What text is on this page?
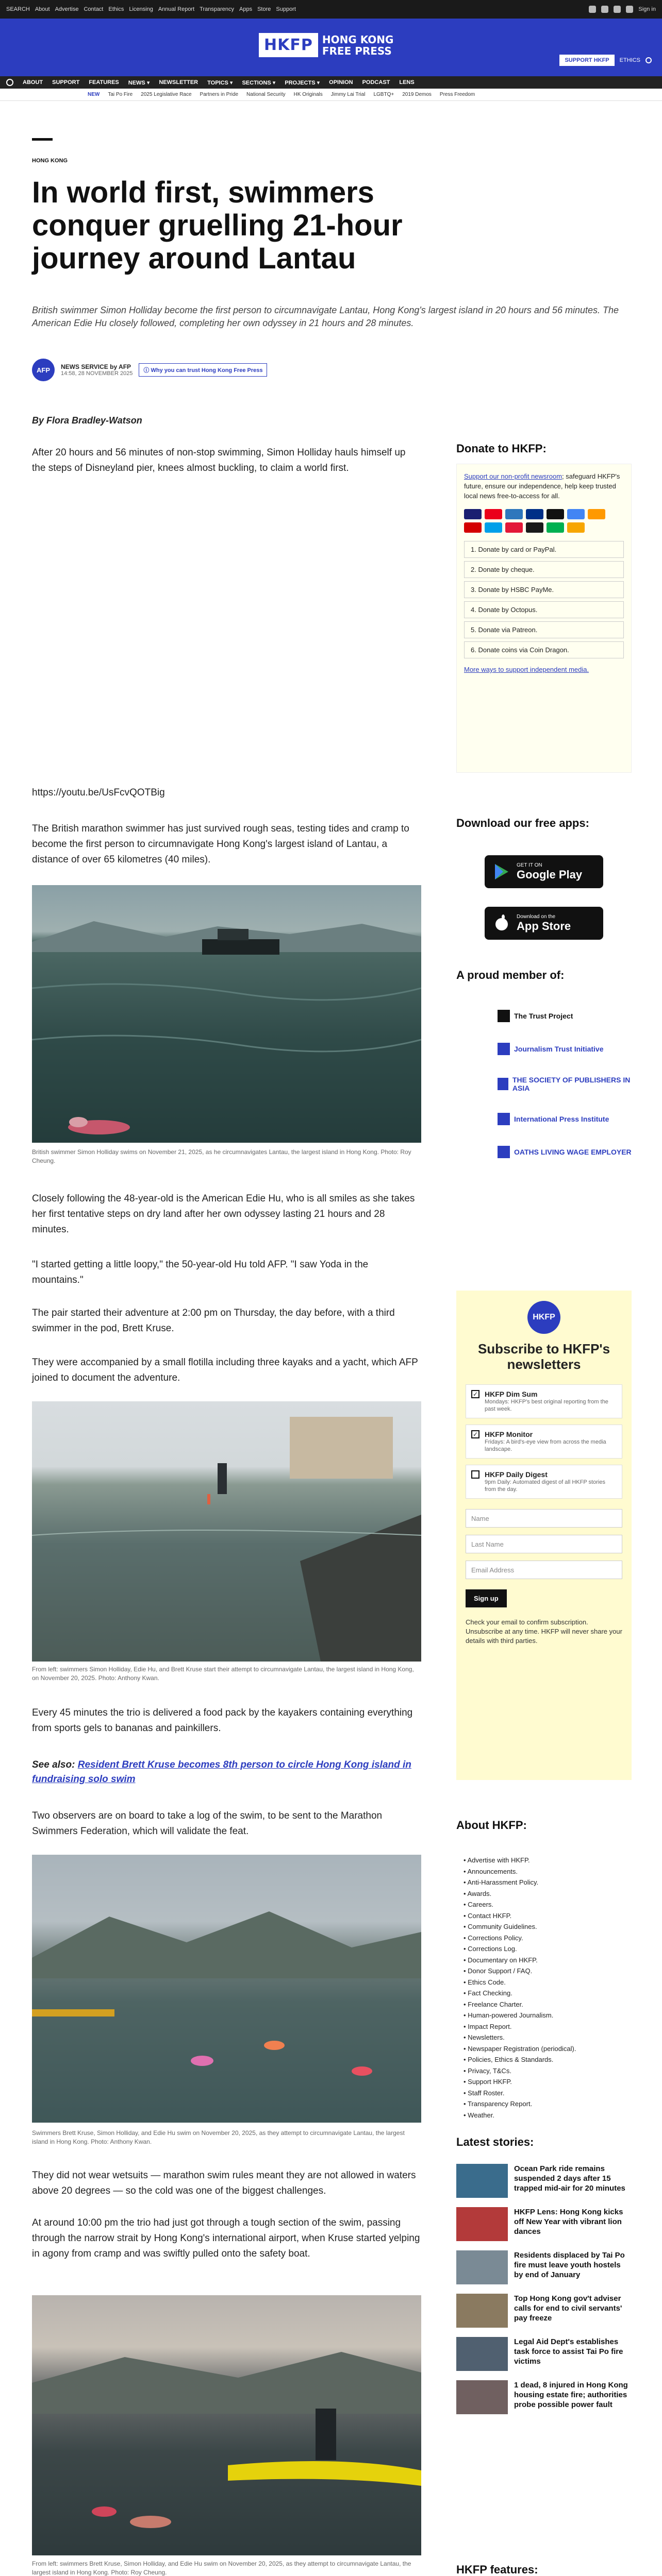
SEARCH About Advertise Contact Ethics Licensing Annual Report Transparency Apps Store Support	Sign in
HKFP HONG KONG
FREE PRESS
SUPPORT HKFP	ETHICS
ABOUT SUPPORT FEATURES NEWS ▾ NEWSLETTER TOPICS ▾ SECTIONS ▾ PROJECTS ▾ OPINION PODCAST LENS
NEW Tai Po Fire 2025 Legislative Race Partners in Pride National Security HK Originals Jimmy Lai Trial LGBTQ+ 2019 Demos Press Freedom
HONG KONG
In world first, swimmers conquer gruelling 21-hour journey around Lantau
British swimmer Simon Holliday become the first person to circumnavigate Lantau, Hong Kong's largest island in 20 hours and 56 minutes. The American Edie Hu closely followed, completing her own odyssey in 21 hours and 28 minutes.
AFP	NEWS SERVICE by AFP
14:58, 28 NOVEMBER 2025	ⓘ Why you can trust Hong Kong Free Press
By Flora Bradley-Watson

After 20 hours and 56 minutes of non-stop swimming, Simon Holliday hauls himself up the steps of Disneyland pier, knees almost buckling, to claim a world first.

https://youtu.be/UsFcvQOTBig

The British marathon swimmer has just survived rough seas, testing tides and cramp to become the first person to circumnavigate Hong Kong's largest island of Lantau, a distance of over 65 kilometres (40 miles).

British swimmer Simon Holliday swims on November 21, 2025, as he circumnavigates Lantau, the largest island in Hong Kong. Photo: Roy Cheung.

Closely following the 48-year-old is the American Edie Hu, who is all smiles as she takes her first tentative steps on dry land after her own odyssey lasting 21 hours and 28 minutes.

"I started getting a little loopy," the 50-year-old Hu told AFP. "I saw Yoda in the mountains."

The pair started their adventure at 2:00 pm on Thursday, the day before, with a third swimmer in the pod, Brett Kruse.

They were accompanied by a small flotilla including three kayaks and a yacht, which AFP joined to document the adventure.

From left: swimmers Simon Holliday, Edie Hu, and Brett Kruse start their attempt to circumnavigate Lantau, the largest island in Hong Kong, on November 20, 2025. Photo: Anthony Kwan.

Every 45 minutes the trio is delivered a food pack by the kayakers containing everything from sports gels to bananas and painkillers.

See also: Resident Brett Kruse becomes 8th person to circle Hong Kong island in fundraising solo swim

Two observers are on board to take a log of the swim, to be sent to the Marathon Swimmers Federation, which will validate the feat.

Swimmers Brett Kruse, Simon Holliday, and Edie Hu swim on November 20, 2025, as they attempt to circumnavigate Lantau, the largest island in Hong Kong. Photo: Anthony Kwan.

They did not wear wetsuits — marathon swim rules meant they are not allowed in waters above 20 degrees — so the cold was one of the biggest challenges.

At around 10:00 pm the trio had just got through a tough section of the swim, passing through the narrow strait by Hong Kong's international airport, when Kruse started yelping in agony from cramp and was swiftly pulled onto the safety boat.

From left: swimmers Brett Kruse, Simon Holliday, and Edie Hu swim on November 20, 2025, as they attempt to circumnavigate Lantau, the largest island in Hong Kong. Photo: Roy Cheung.

Donate to HKFP:
Support our non-profit newsroom; safeguard HKFP's future, ensure our independence, help keep trusted local news free-to-access for all.
1. Donate by card or PayPal.
2. Donate by cheque.
3. Donate by HSBC PayMe.
4. Donate by Octopus.
5. Donate via Patreon.
6. Donate coins via Coin Dragon.
More ways to support independent media.
Download our free apps:
GET IT ON
Google Play
Download on the
App Store
A proud member of:
The Trust Project
Journalism Trust Initiative
THE SOCIETY OF PUBLISHERS IN ASIA
International Press Institute
OATHS LIVING WAGE EMPLOYER
HKFP
Subscribe to HKFP's newsletters
✓ HKFP Dim Sum
Mondays: HKFP's best original reporting from the past week.
✓ HKFP Monitor
Fridays: A bird's-eye view from across the media landscape.
HKFP Daily Digest
9pm Daily: Automated digest of all HKFP stories from the day.
Name
Last Name
Email Address
Sign up
Check your email to confirm subscription. Unsubscribe at any time. HKFP will never share your details with third parties.
About HKFP:
• Advertise with HKFP.
• Announcements.
• Anti-Harassment Policy.
• Awards.
• Careers.
• Contact HKFP.
• Community Guidelines.
• Corrections Policy.
• Corrections Log.
• Documentary on HKFP.
• Donor Support / FAQ.
• Ethics Code.
• Fact Checking.
• Freelance Charter.
• Human-powered Journalism.
• Impact Report.
• Newsletters.
• Newspaper Registration (periodical).
• Policies, Ethics & Standards.
• Privacy, T&Cs.
• Support HKFP.
• Staff Roster.
• Transparency Report.
• Weather.
Latest stories:
Ocean Park ride remains suspended 2 days after 15 trapped mid-air for 20 minutes
HKFP Lens: Hong Kong kicks off New Year with vibrant lion dances
Residents displaced by Tai Po fire must leave youth hostels by end of January
Top Hong Kong gov't adviser calls for end to civil servants' pay freeze
Legal Aid Dept's establishes task force to assist Tai Po fire victims
1 dead, 8 injured in Hong Kong housing estate fire; authorities probe possible power fault
HKFP features:
